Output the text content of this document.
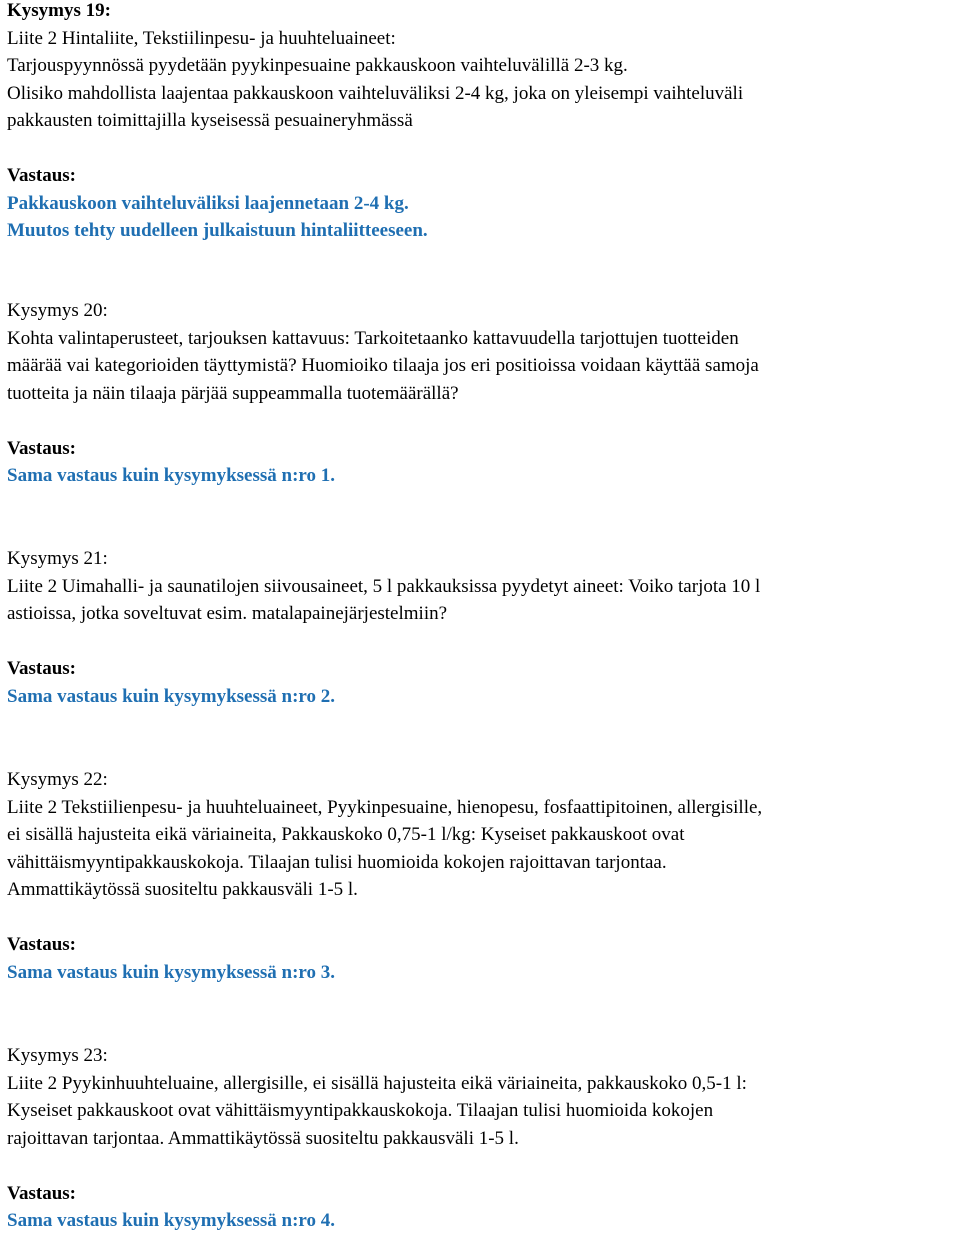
Kysymys 19:

Liite 2 Hintaliite, Tekstiilinpesu- ja huuhteluaineet:

Tarjouspyynnössä pyydetään pyykinpesuaine pakkauskoon vaihteluvälillä 2-3 kg.

Olisiko mahdollista laajentaa pakkauskoon vaihteluväliksi 2-4 kg, joka on yleisempi vaihteluväli

pakkausten toimittajilla kyseisessä pesuaineryhmässä

Vastaus:

Pakkauskoon vaihteluväliksi laajennetaan 2-4 kg.

Muutos tehty uudelleen julkaistuun hintaliitteeseen.

Kysymys 20:

Kohta valintaperusteet, tarjouksen kattavuus: Tarkoitetaanko kattavuudella tarjottujen tuotteiden

määrää vai kategorioiden täyttymistä? Huomioiko tilaaja jos eri positioissa voidaan käyttää samoja

tuotteita ja näin tilaaja pärjää suppeammalla tuotemäärällä?

Vastaus:

Sama vastaus kuin kysymyksessä n:ro 1.

Kysymys 21:

Liite 2 Uimahalli- ja saunatilojen siivousaineet, 5 l pakkauksissa pyydetyt aineet: Voiko tarjota 10 l

astioissa, jotka soveltuvat esim. matalapainejärjestelmiin?

Vastaus:

Sama vastaus kuin kysymyksessä n:ro 2.

Kysymys 22:

Liite 2 Tekstiilienpesu- ja huuhteluaineet, Pyykinpesuaine, hienopesu, fosfaattipitoinen, allergisille,

ei sisällä hajusteita eikä väriaineita, Pakkauskoko 0,75-1 l/kg: Kyseiset pakkauskoot ovat

vähittäismyyntipakkauskokoja. Tilaajan tulisi huomioida kokojen rajoittavan tarjontaa.

Ammattikäytössä suositeltu pakkausväli 1-5 l.

Vastaus:

Sama vastaus kuin kysymyksessä n:ro 3.

Kysymys 23:

Liite 2 Pyykinhuuhteluaine, allergisille, ei sisällä hajusteita eikä väriaineita, pakkauskoko 0,5-1 l:

Kyseiset pakkauskoot ovat vähittäismyyntipakkauskokoja. Tilaajan tulisi huomioida kokojen

rajoittavan tarjontaa. Ammattikäytössä suositeltu pakkausväli 1-5 l.

Vastaus:

Sama vastaus kuin kysymyksessä n:ro 4.
